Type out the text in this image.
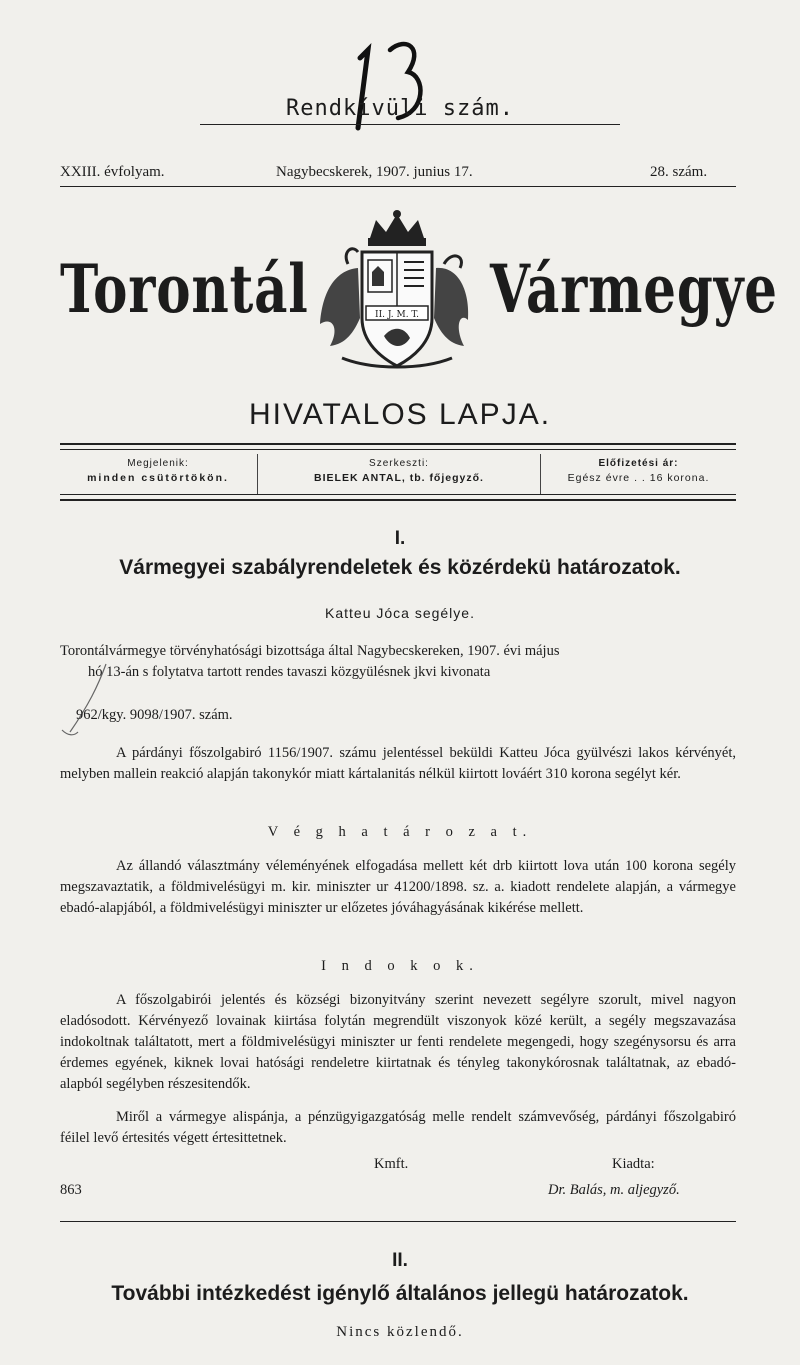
Rendkívüli szám.
XXIII. évfolyam.	Nagybecskerek, 1907. junius 17.	28. szám.
Torontál	Vármegye
II. J. M. T.
HIVATALOS LAPJA.
Megjelenik:
minden csütörtökön.
Szerkeszti:
BIELEK ANTAL, tb. főjegyző.
Előfizetési ár:
Egész évre . . 16 korona.
I.
Vármegyei szabályrendeletek és közérdekü határozatok.
Katteu Jóca segélye.
Torontálvármegye törvényhatósági bizottsága által Nagybecskereken, 1907. évi május
hó 13-án s folytatva tartott rendes tavaszi közgyülésnek jkvi kivonata
962/kgy. 9098/1907. szám.
A párdányi főszolgabiró 1156/1907. számu jelentéssel beküldi Katteu Jóca gyülvészi lakos kérvényét, melyben mallein reakció alapján takonykór miatt kártalanitás nélkül kiirtott lováért 310 korona segélyt kér.
V é g h a t á r o z a t.
Az állandó választmány véleményének elfogadása mellett két drb kiirtott lova után 100 korona segély megszavaztatik, a földmivelésügyi m. kir. miniszter ur 41200/1898. sz. a. kiadott rendelete alapján, a vármegye ebadó-alapjából, a földmivelésügyi miniszter ur előzetes jóváhagyásának kikérése mellett.
I n d o k o k.
A főszolgabirói jelentés és községi bizonyitvány szerint nevezett segélyre szorult, mivel nagyon eladósodott. Kérvényező lovainak kiirtása folytán megrendült viszonyok közé került, a segély megszavazása indokoltnak találtatott, mert a földmivelésügyi miniszter ur fenti rendelete megengedi, hogy szegénysorsu és arra érdemes egyének, kiknek lovai hatósági rendeletre kiirtatnak és tényleg takonykórosnak találtatnak, az ebadó-alapból segélyben részesitendők.
Miről a vármegye alispánja, a pénzügyigazgatóság melle rendelt számvevőség, párdányi főszolgabiró féilel levő értesités végett értesittetnek.
Kmft.	Kiadta:
863	Dr. Balás, m. aljegyző.
II.
További intézkedést igénylő általános jellegü határozatok.
Nincs közlendő.
